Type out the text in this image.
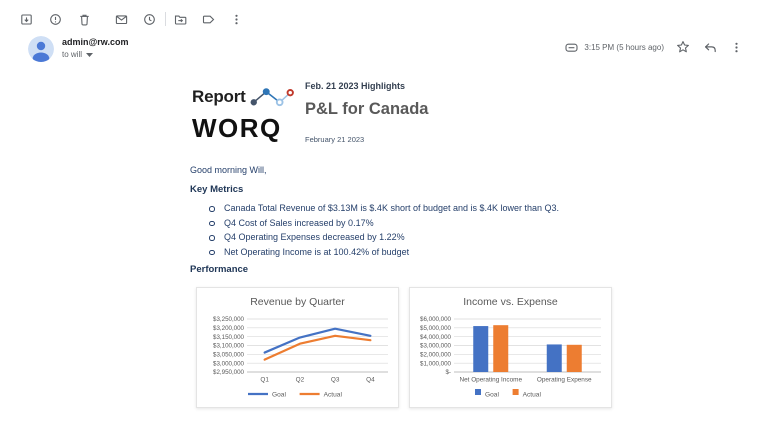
admin@rw.com
to will
3:15 PM (5 hours ago)
Report
WORQ
Feb. 21 2023 Highlights
P&L for Canada
February 21 2023
Good morning Will,
Key Metrics
Canada Total Revenue of $3.13M is $.4K short of budget and is $.4K lower than Q3.
Q4 Cost of Sales increased by 0.17%
Q4 Operating Expenses decreased by 1.22%
Net Operating Income is at 100.42% of budget
Performance
Revenue by Quarter
$3,250,000
$3,200,000
$3,150,000
$3,100,000
$3,050,000
$3,000,000
$2,950,000
Q1	Q2	Q3	Q4
Goal	Actual
Income vs. Expense
$6,000,000
$5,000,000
$4,000,000
$3,000,000
$2,000,000
$1,000,000
$-
Net Operating Income Operating Expense
Goal	Actual
